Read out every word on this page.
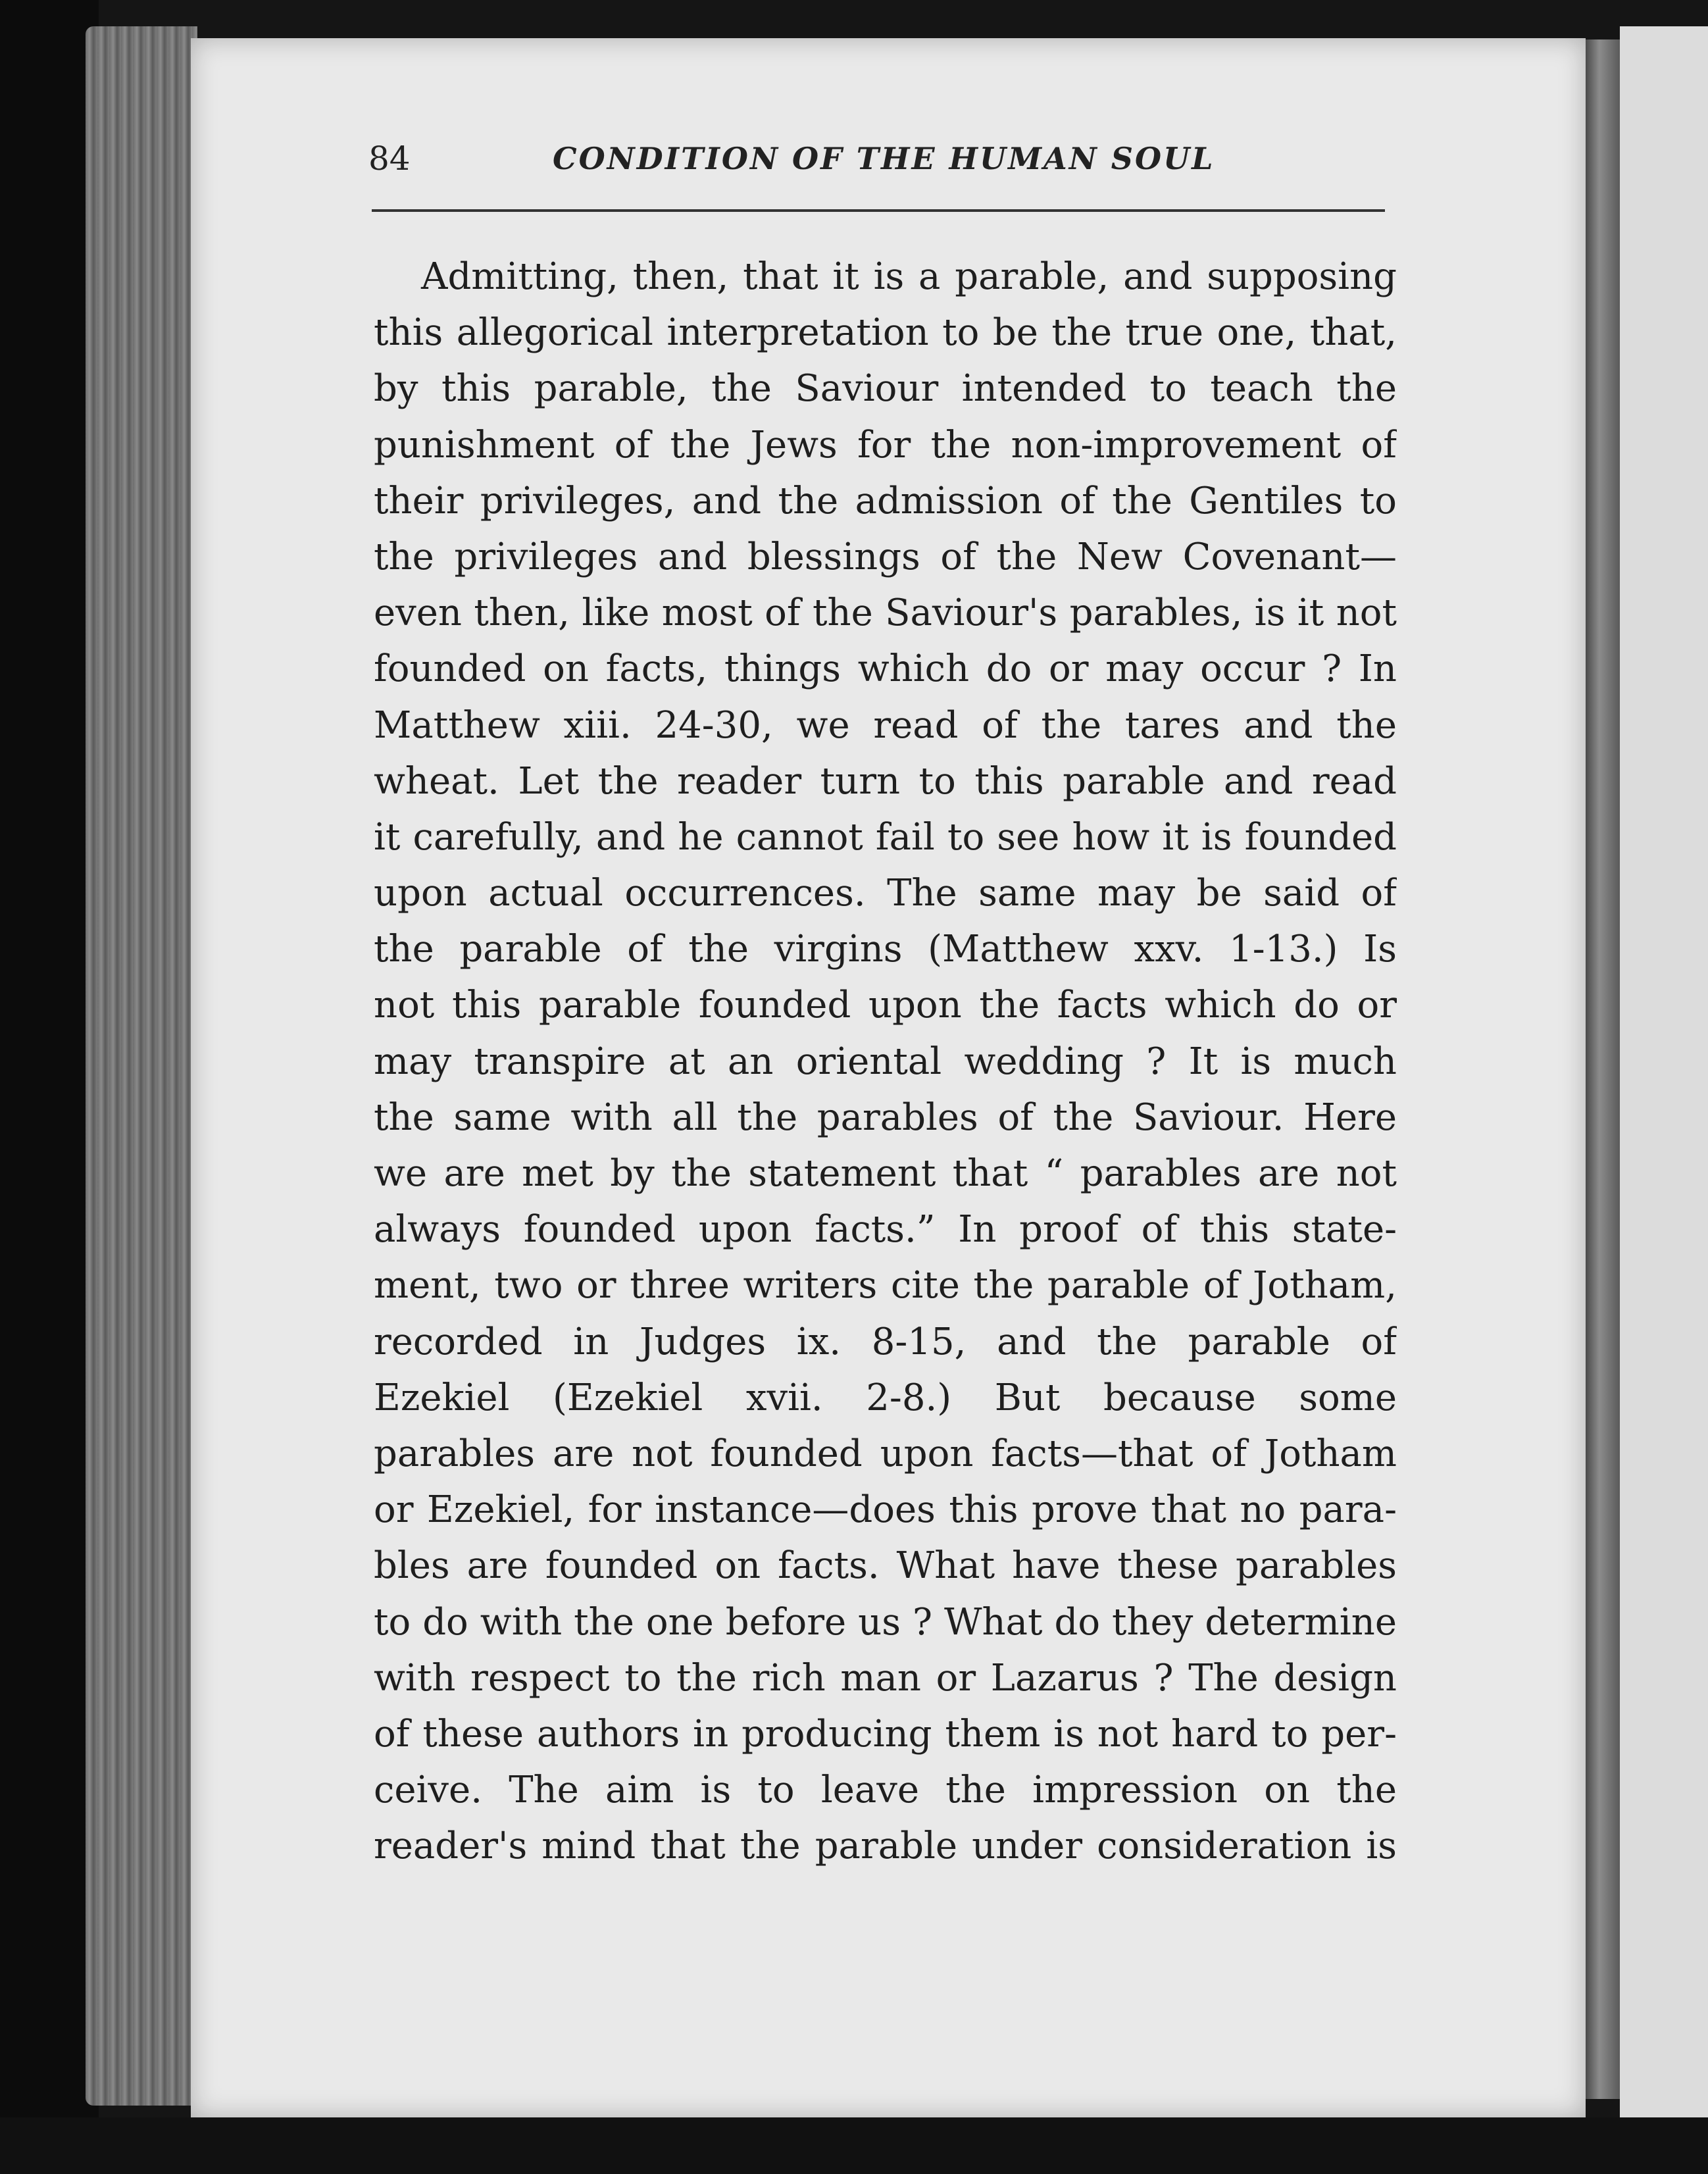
84	CONDITION OF THE HUMAN SOUL
Admitting, then, that it is a parable, and supposing
this allegorical interpretation to be the true one, that,
by this parable, the Saviour intended to teach the
punishment of the Jews for the non-improvement of
their privileges, and the admission of the Gentiles to
the privileges and blessings of the New Covenant—
even then, like most of the Saviour's parables, is it not
founded on facts, things which do or may occur ? In
Matthew xiii. 24-30, we read of the tares and the
wheat. Let the reader turn to this parable and read
it carefully, and he cannot fail to see how it is founded
upon actual occurrences. The same may be said of
the parable of the virgins (Matthew xxv. 1-13.) Is
not this parable founded upon the facts which do or
may transpire at an oriental wedding ? It is much
the same with all the parables of the Saviour. Here
we are met by the statement that “ parables are not
always founded upon facts.” In proof of this state-
ment, two or three writers cite the parable of Jotham,
recorded in Judges ix. 8-15, and the parable of
Ezekiel (Ezekiel xvii. 2-8.) But because some
parables are not founded upon facts—that of Jotham
or Ezekiel, for instance—does this prove that no para-
bles are founded on facts. What have these parables
to do with the one before us ? What do they determine
with respect to the rich man or Lazarus ? The design
of these authors in producing them is not hard to per-
ceive. The aim is to leave the impression on the
reader's mind that the parable under consideration is
